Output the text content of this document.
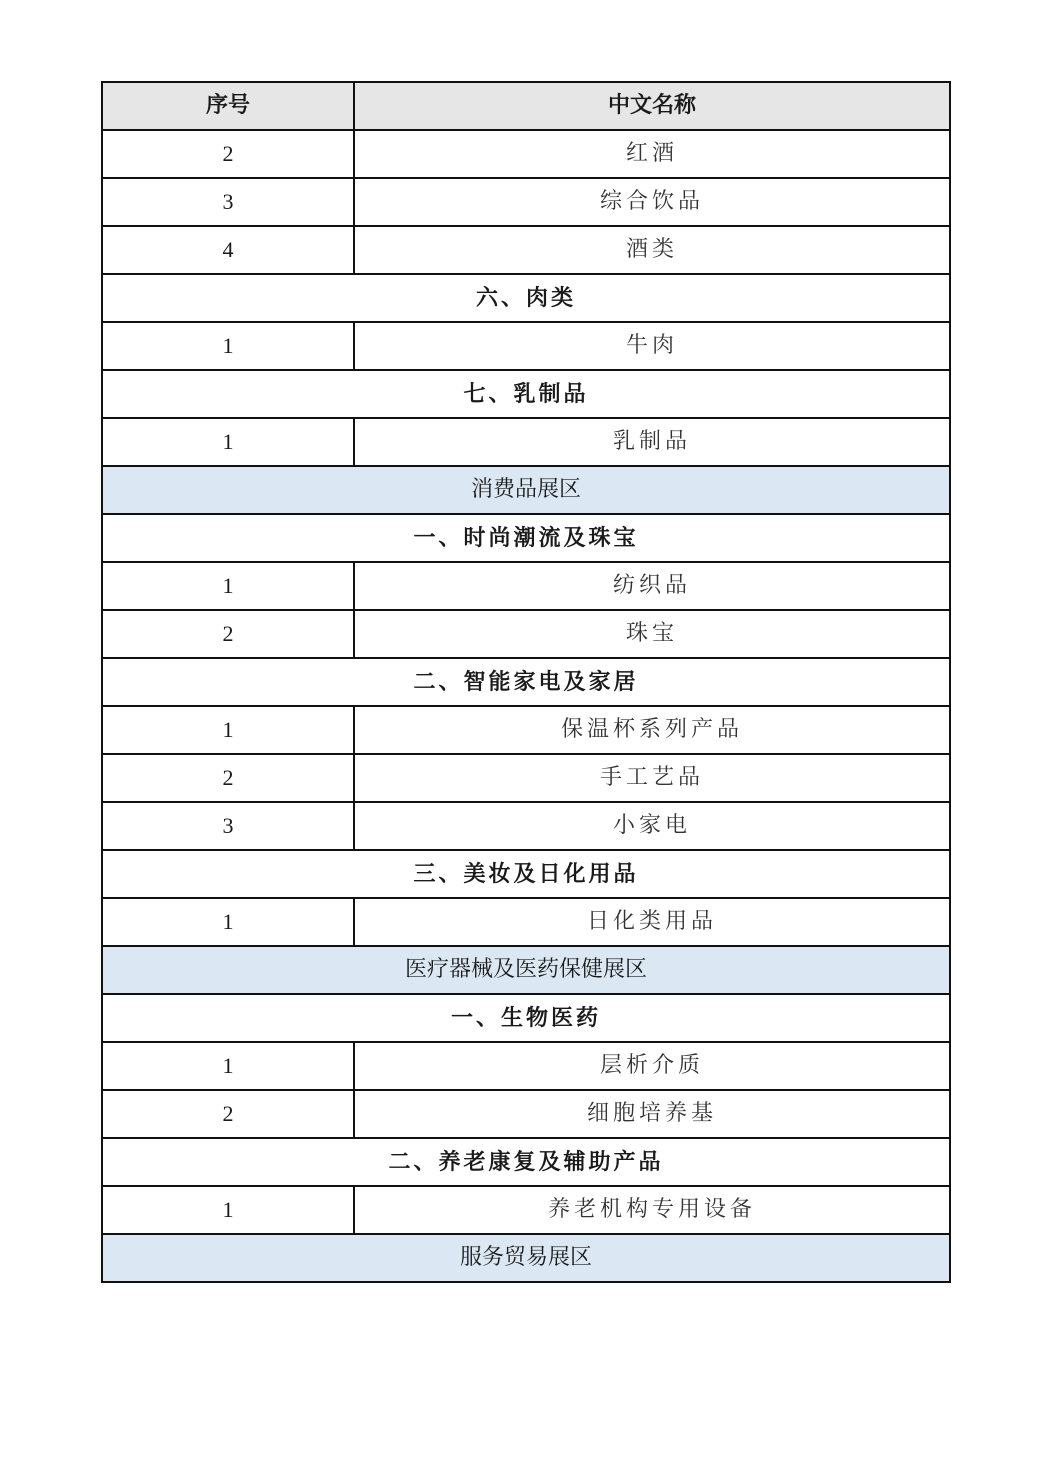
序号	中文名称
2	红酒
3	综合饮品
4	酒类
六、肉类	
1	牛肉
七、乳制品	
1	乳制品
消费品展区	
一、时尚潮流及珠宝	
1	纺织品
2	珠宝
二、智能家电及家居	
1	保温杯系列产品
2	手工艺品
3	小家电
三、美妆及日化用品	
1	日化类用品
医疗器械及医药保健展区	
一、生物医药	
1	层析介质
2	细胞培养基
二、养老康复及辅助产品	
1	养老机构专用设备
服务贸易展区	
